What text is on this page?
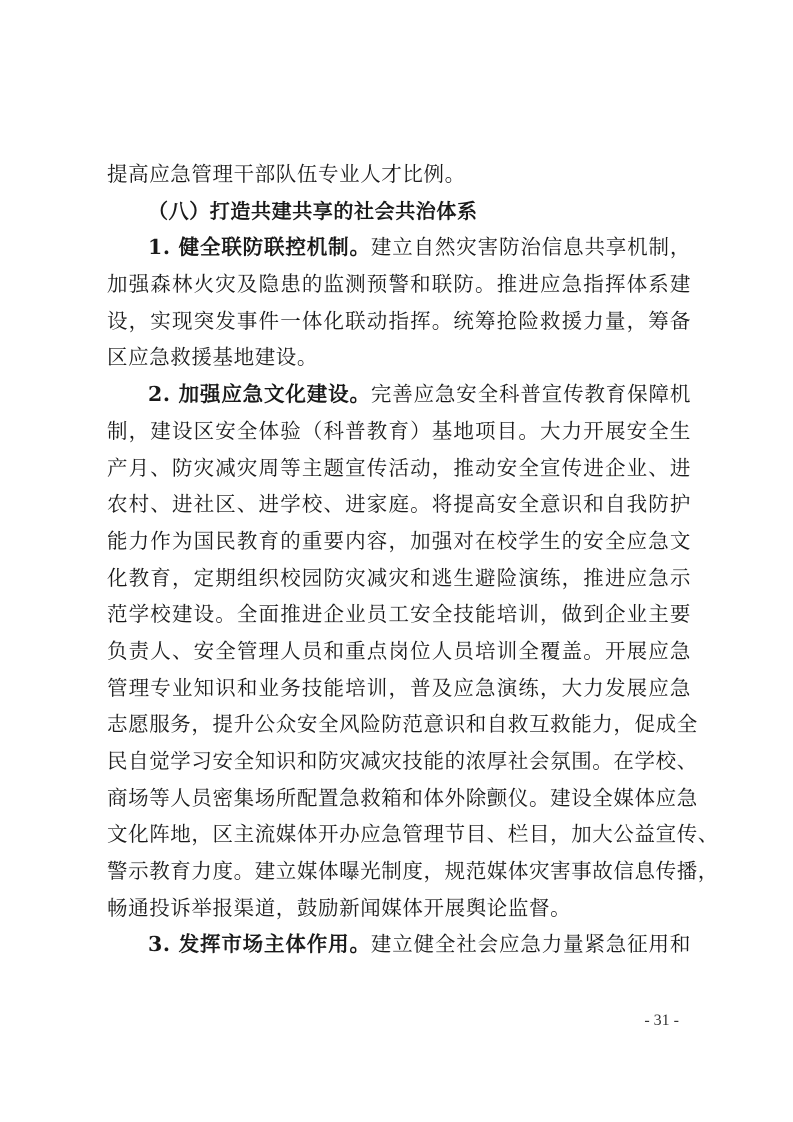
提高应急管理干部队伍专业人才比例。
（八）打造共建共享的社会共治体系
1. 健全联防联控机制。建立自然灾害防治信息共享机制，
加强森林火灾及隐患的监测预警和联防。推进应急指挥体系建
设，实现突发事件一体化联动指挥。统筹抢险救援力量，筹备
区应急救援基地建设。
2. 加强应急文化建设。完善应急安全科普宣传教育保障机
制，建设区安全体验（科普教育）基地项目。大力开展安全生
产月、防灾减灾周等主题宣传活动，推动安全宣传进企业、进
农村、进社区、进学校、进家庭。将提高安全意识和自我防护
能力作为国民教育的重要内容，加强对在校学生的安全应急文
化教育，定期组织校园防灾减灾和逃生避险演练，推进应急示
范学校建设。全面推进企业员工安全技能培训，做到企业主要
负责人、安全管理人员和重点岗位人员培训全覆盖。开展应急
管理专业知识和业务技能培训，普及应急演练，大力发展应急
志愿服务，提升公众安全风险防范意识和自救互救能力，促成全
民自觉学习安全知识和防灾减灾技能的浓厚社会氛围。在学校、
商场等人员密集场所配置急救箱和体外除颤仪。建设全媒体应急
文化阵地，区主流媒体开办应急管理节目、栏目，加大公益宣传、
警示教育力度。建立媒体曝光制度，规范媒体灾害事故信息传播，
畅通投诉举报渠道，鼓励新闻媒体开展舆论监督。
3. 发挥市场主体作用。建立健全社会应急力量紧急征用和
- 31 -
